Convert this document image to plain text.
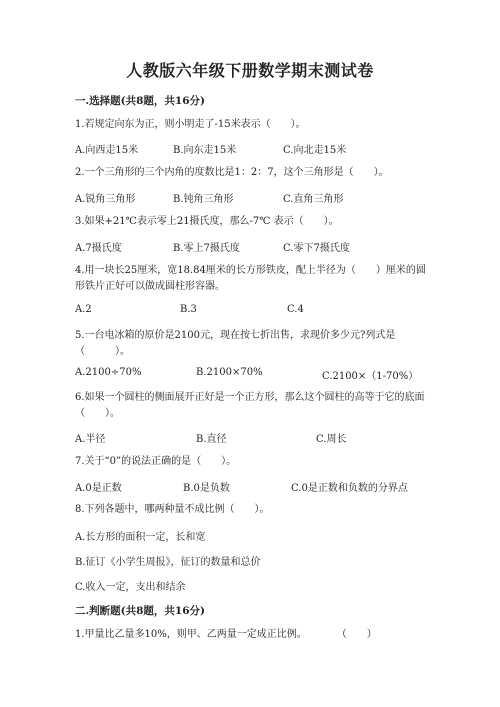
人教版六年级下册数学期末测试卷
一.选择题(共8题，共16分)
1.若规定向东为正，则小明走了-15米表示（　　）。
A.向西走15米	B.向东走15米	C.向北走15米
2.一个三角形的三个内角的度数比是1：2：7，这个三角形是（　　）。
A.锐角三角形	B.钝角三角形	C.直角三角形
3.如果+21℃表示零上21摄氏度，那么-7℃ 表示（　　）。
A.7摄氏度	B.零上7摄氏度	C.零下7摄氏度
4.用一块长25厘米，宽18.84厘米的长方形铁皮，配上半径为（　　）厘米的圆形铁片正好可以做成圆柱形容器。
A.2	B.3	C.4
5.一台电冰箱的原价是2100元，现在按七折出售，求现价多少元?列式是（　　　）。
A.2100÷70%	B.2100×70%	C.2100×（1-70%）
6.如果一个圆柱的侧面展开正好是一个正方形，那么这个圆柱的高等于它的底面（　　）。
A.半径	B.直径	C.周长
7.关于“0”的说法正确的是（　　）。
A.0是正数	B.0是负数	C.0是正数和负数的分界点
8.下列各题中，哪两种量不成比例（　　）。
A.长方形的面积一定，长和宽
B.征订《小学生周报》，征订的数量和总价
C.收入一定，支出和结余
二.判断题(共8题，共16分)
1.甲量比乙量多10%，则甲、乙两量一定成正比例。　　　　（　　）
